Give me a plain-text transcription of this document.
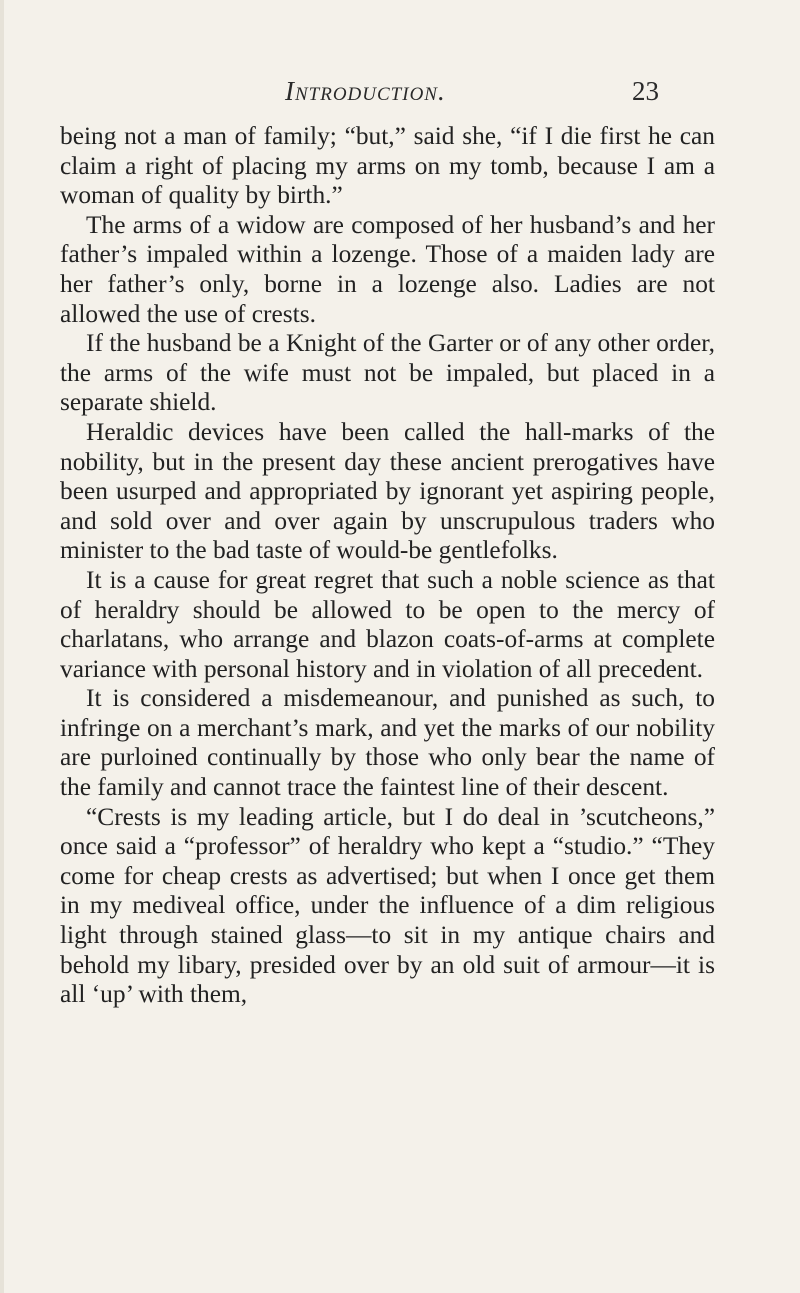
Introduction.	23

being not a man of family; “but,” said she, “if I die first he can claim a right of placing my arms on my tomb, because I am a woman of quality by birth.”

The arms of a widow are composed of her husband’s and her father’s impaled within a lozenge. Those of a maiden lady are her father’s only, borne in a lozenge also. Ladies are not allowed the use of crests.

If the husband be a Knight of the Garter or of any other order, the arms of the wife must not be impaled, but placed in a separate shield.

Heraldic devices have been called the hall-marks of the nobility, but in the present day these ancient prerogatives have been usurped and appropriated by ignorant yet aspiring people, and sold over and over again by unscrupulous traders who minister to the bad taste of would-be gentlefolks.

It is a cause for great regret that such a noble science as that of heraldry should be allowed to be open to the mercy of charlatans, who arrange and blazon coats-of-arms at complete variance with personal history and in violation of all precedent.

It is considered a misdemeanour, and punished as such, to infringe on a merchant’s mark, and yet the marks of our nobility are purloined continually by those who only bear the name of the family and cannot trace the faintest line of their descent.

“Crests is my leading article, but I do deal in ’scutcheons,” once said a “professor” of heraldry who kept a “studio.” “They come for cheap crests as advertised; but when I once get them in my medivеal office, under the influence of a dim religious light through stained glass—to sit in my antique chairs and behold my libary, presided over by an old suit of armour—it is all ‘up’ with them,
